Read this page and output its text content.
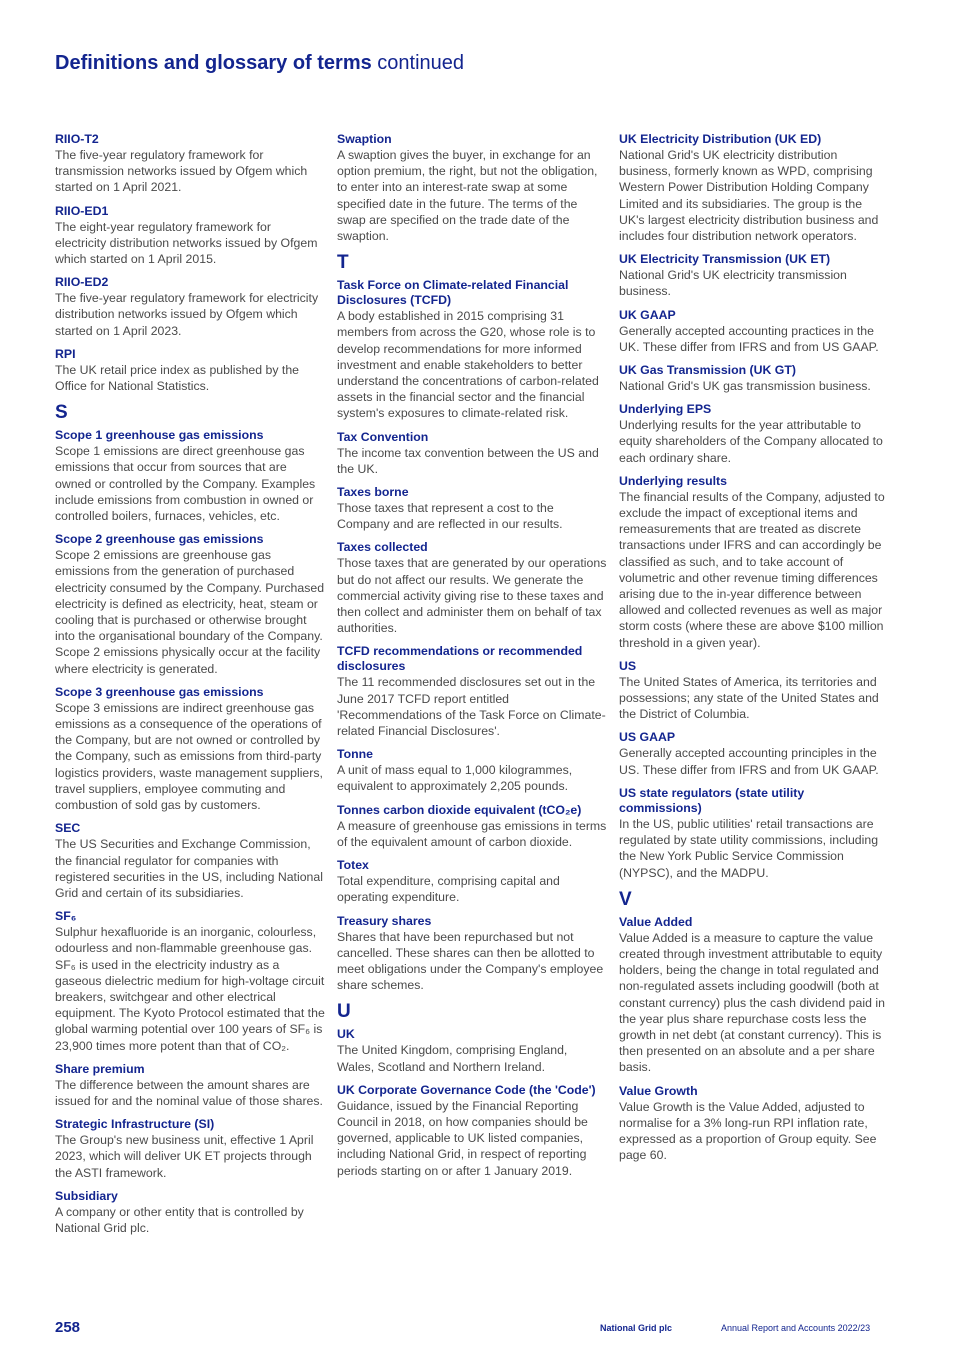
Definitions and glossary of terms continued

RIIO-T2

The five-year regulatory framework for transmission networks issued by Ofgem which started on 1 April 2021.

RIIO-ED1

The eight-year regulatory framework for electricity distribution networks issued by Ofgem which started on 1 April 2015.

RIIO-ED2

The five-year regulatory framework for electricity distribution networks issued by Ofgem which started on 1 April 2023.

RPI

The UK retail price index as published by the Office for National Statistics.

S

Scope 1 greenhouse gas emissions

Scope 1 emissions are direct greenhouse gas emissions that occur from sources that are owned or controlled by the Company. Examples include emissions from combustion in owned or controlled boilers, furnaces, vehicles, etc.

Scope 2 greenhouse gas emissions

Scope 2 emissions are greenhouse gas emissions from the generation of purchased electricity consumed by the Company. Purchased electricity is defined as electricity, heat, steam or cooling that is purchased or otherwise brought into the organisational boundary of the Company. Scope 2 emissions physically occur at the facility where electricity is generated.

Scope 3 greenhouse gas emissions

Scope 3 emissions are indirect greenhouse gas emissions as a consequence of the operations of the Company, but are not owned or controlled by the Company, such as emissions from third-party logistics providers, waste management suppliers, travel suppliers, employee commuting and combustion of sold gas by customers.

SEC

The US Securities and Exchange Commission, the financial regulator for companies with registered securities in the US, including National Grid and certain of its subsidiaries.

SF₆

Sulphur hexafluoride is an inorganic, colourless, odourless and non-flammable greenhouse gas. SF₆ is used in the electricity industry as a gaseous dielectric medium for high-voltage circuit breakers, switchgear and other electrical equipment. The Kyoto Protocol estimated that the global warming potential over 100 years of SF₆ is 23,900 times more potent than that of CO₂.

Share premium

The difference between the amount shares are issued for and the nominal value of those shares.

Strategic Infrastructure (SI)

The Group's new business unit, effective 1 April 2023, which will deliver UK ET projects through the ASTI framework.

Subsidiary

A company or other entity that is controlled by National Grid plc.

Swaption

A swaption gives the buyer, in exchange for an option premium, the right, but not the obligation, to enter into an interest-rate swap at some specified date in the future. The terms of the swap are specified on the trade date of the swaption.

T

Task Force on Climate-related Financial Disclosures (TCFD)

A body established in 2015 comprising 31 members from across the G20, whose role is to develop recommendations for more informed investment and enable stakeholders to better understand the concentrations of carbon-related assets in the financial sector and the financial system's exposures to climate-related risk.

Tax Convention

The income tax convention between the US and the UK.

Taxes borne

Those taxes that represent a cost to the Company and are reflected in our results.

Taxes collected

Those taxes that are generated by our operations but do not affect our results. We generate the commercial activity giving rise to these taxes and then collect and administer them on behalf of tax authorities.

TCFD recommendations or recommended disclosures

The 11 recommended disclosures set out in the June 2017 TCFD report entitled 'Recommendations of the Task Force on Climate-related Financial Disclosures'.

Tonne

A unit of mass equal to 1,000 kilogrammes, equivalent to approximately 2,205 pounds.

Tonnes carbon dioxide equivalent (tCO₂e)

A measure of greenhouse gas emissions in terms of the equivalent amount of carbon dioxide.

Totex

Total expenditure, comprising capital and operating expenditure.

Treasury shares

Shares that have been repurchased but not cancelled. These shares can then be allotted to meet obligations under the Company's employee share schemes.

U

UK

The United Kingdom, comprising England, Wales, Scotland and Northern Ireland.

UK Corporate Governance Code (the 'Code')

Guidance, issued by the Financial Reporting Council in 2018, on how companies should be governed, applicable to UK listed companies, including National Grid, in respect of reporting periods starting on or after 1 January 2019.

UK Electricity Distribution (UK ED)

National Grid's UK electricity distribution business, formerly known as WPD, comprising Western Power Distribution Holding Company Limited and its subsidiaries. The group is the UK's largest electricity distribution business and includes four distribution network operators.

UK Electricity Transmission (UK ET)

National Grid's UK electricity transmission business.

UK GAAP

Generally accepted accounting practices in the UK. These differ from IFRS and from US GAAP.

UK Gas Transmission (UK GT)

National Grid's UK gas transmission business.

Underlying EPS

Underlying results for the year attributable to equity shareholders of the Company allocated to each ordinary share.

Underlying results

The financial results of the Company, adjusted to exclude the impact of exceptional items and remeasurements that are treated as discrete transactions under IFRS and can accordingly be classified as such, and to take account of volumetric and other revenue timing differences arising due to the in-year difference between allowed and collected revenues as well as major storm costs (where these are above $100 million threshold in a given year).

US

The United States of America, its territories and possessions; any state of the United States and the District of Columbia.

US GAAP

Generally accepted accounting principles in the US. These differ from IFRS and from UK GAAP.

US state regulators (state utility commissions)

In the US, public utilities' retail transactions are regulated by state utility commissions, including the New York Public Service Commission (NYPSC), and the MADPU.

V

Value Added

Value Added is a measure to capture the value created through investment attributable to equity holders, being the change in total regulated and non-regulated assets including goodwill (both at constant currency) plus the cash dividend paid in the year plus share repurchase costs less the growth in net debt (at constant currency). This is then presented on an absolute and a per share basis.

Value Growth

Value Growth is the Value Added, adjusted to normalise for a 3% long-run RPI inflation rate, expressed as a proportion of Group equity. See page 60.

258	National Grid plc	Annual Report and Accounts 2022/23
